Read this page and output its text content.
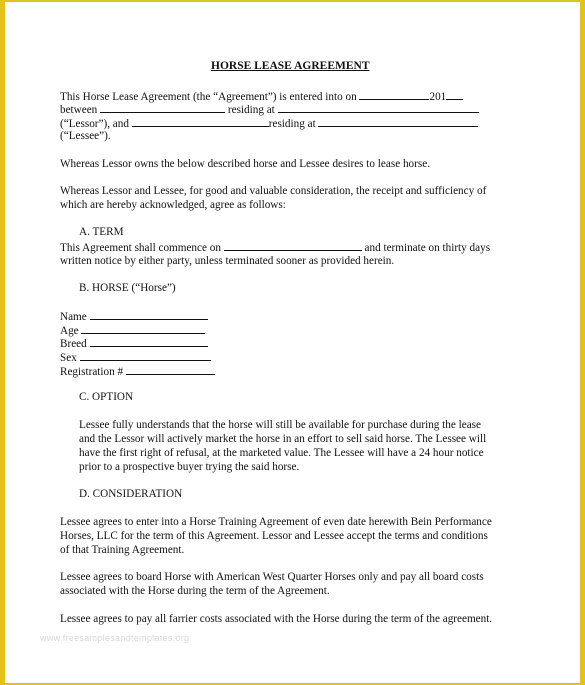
HORSE LEASE AGREEMENT
This Horse Lease Agreement (the “Agreement”) is entered into on	201
between	residing at
(“Lessor”), and	residing at
(“Lessee”).
Whereas Lessor owns the below described horse and Lessee desires to lease horse.
Whereas Lessor and Lessee, for good and valuable consideration, the receipt and sufficiency of
which are hereby acknowledged, agree as follows:
A. TERM
This Agreement shall commence on	and terminate on thirty days
written notice by either party, unless terminated sooner as provided herein.
B. HORSE (“Horse”)
Name
Age
Breed
Sex
Registration #
C. OPTION
Lessee fully understands that the horse will still be available for purchase during the lease
and the Lessor will actively market the horse in an effort to sell said horse. The Lessee will
have the first right of refusal, at the marketed value. The Lessee will have a 24 hour notice
prior to a prospective buyer trying the said horse.
D. CONSIDERATION
Lessee agrees to enter into a Horse Training Agreement of even date herewith Bein Performance
Horses, LLC for the term of this Agreement. Lessor and Lessee accept the terms and conditions
of that Training Agreement.
Lessee agrees to board Horse with American West Quarter Horses only and pay all board costs
associated with the Horse during the term of the Agreement.
Lessee agrees to pay all farrier costs associated with the Horse during the term of the agreement.
www.freesamplesandtemplates.org
